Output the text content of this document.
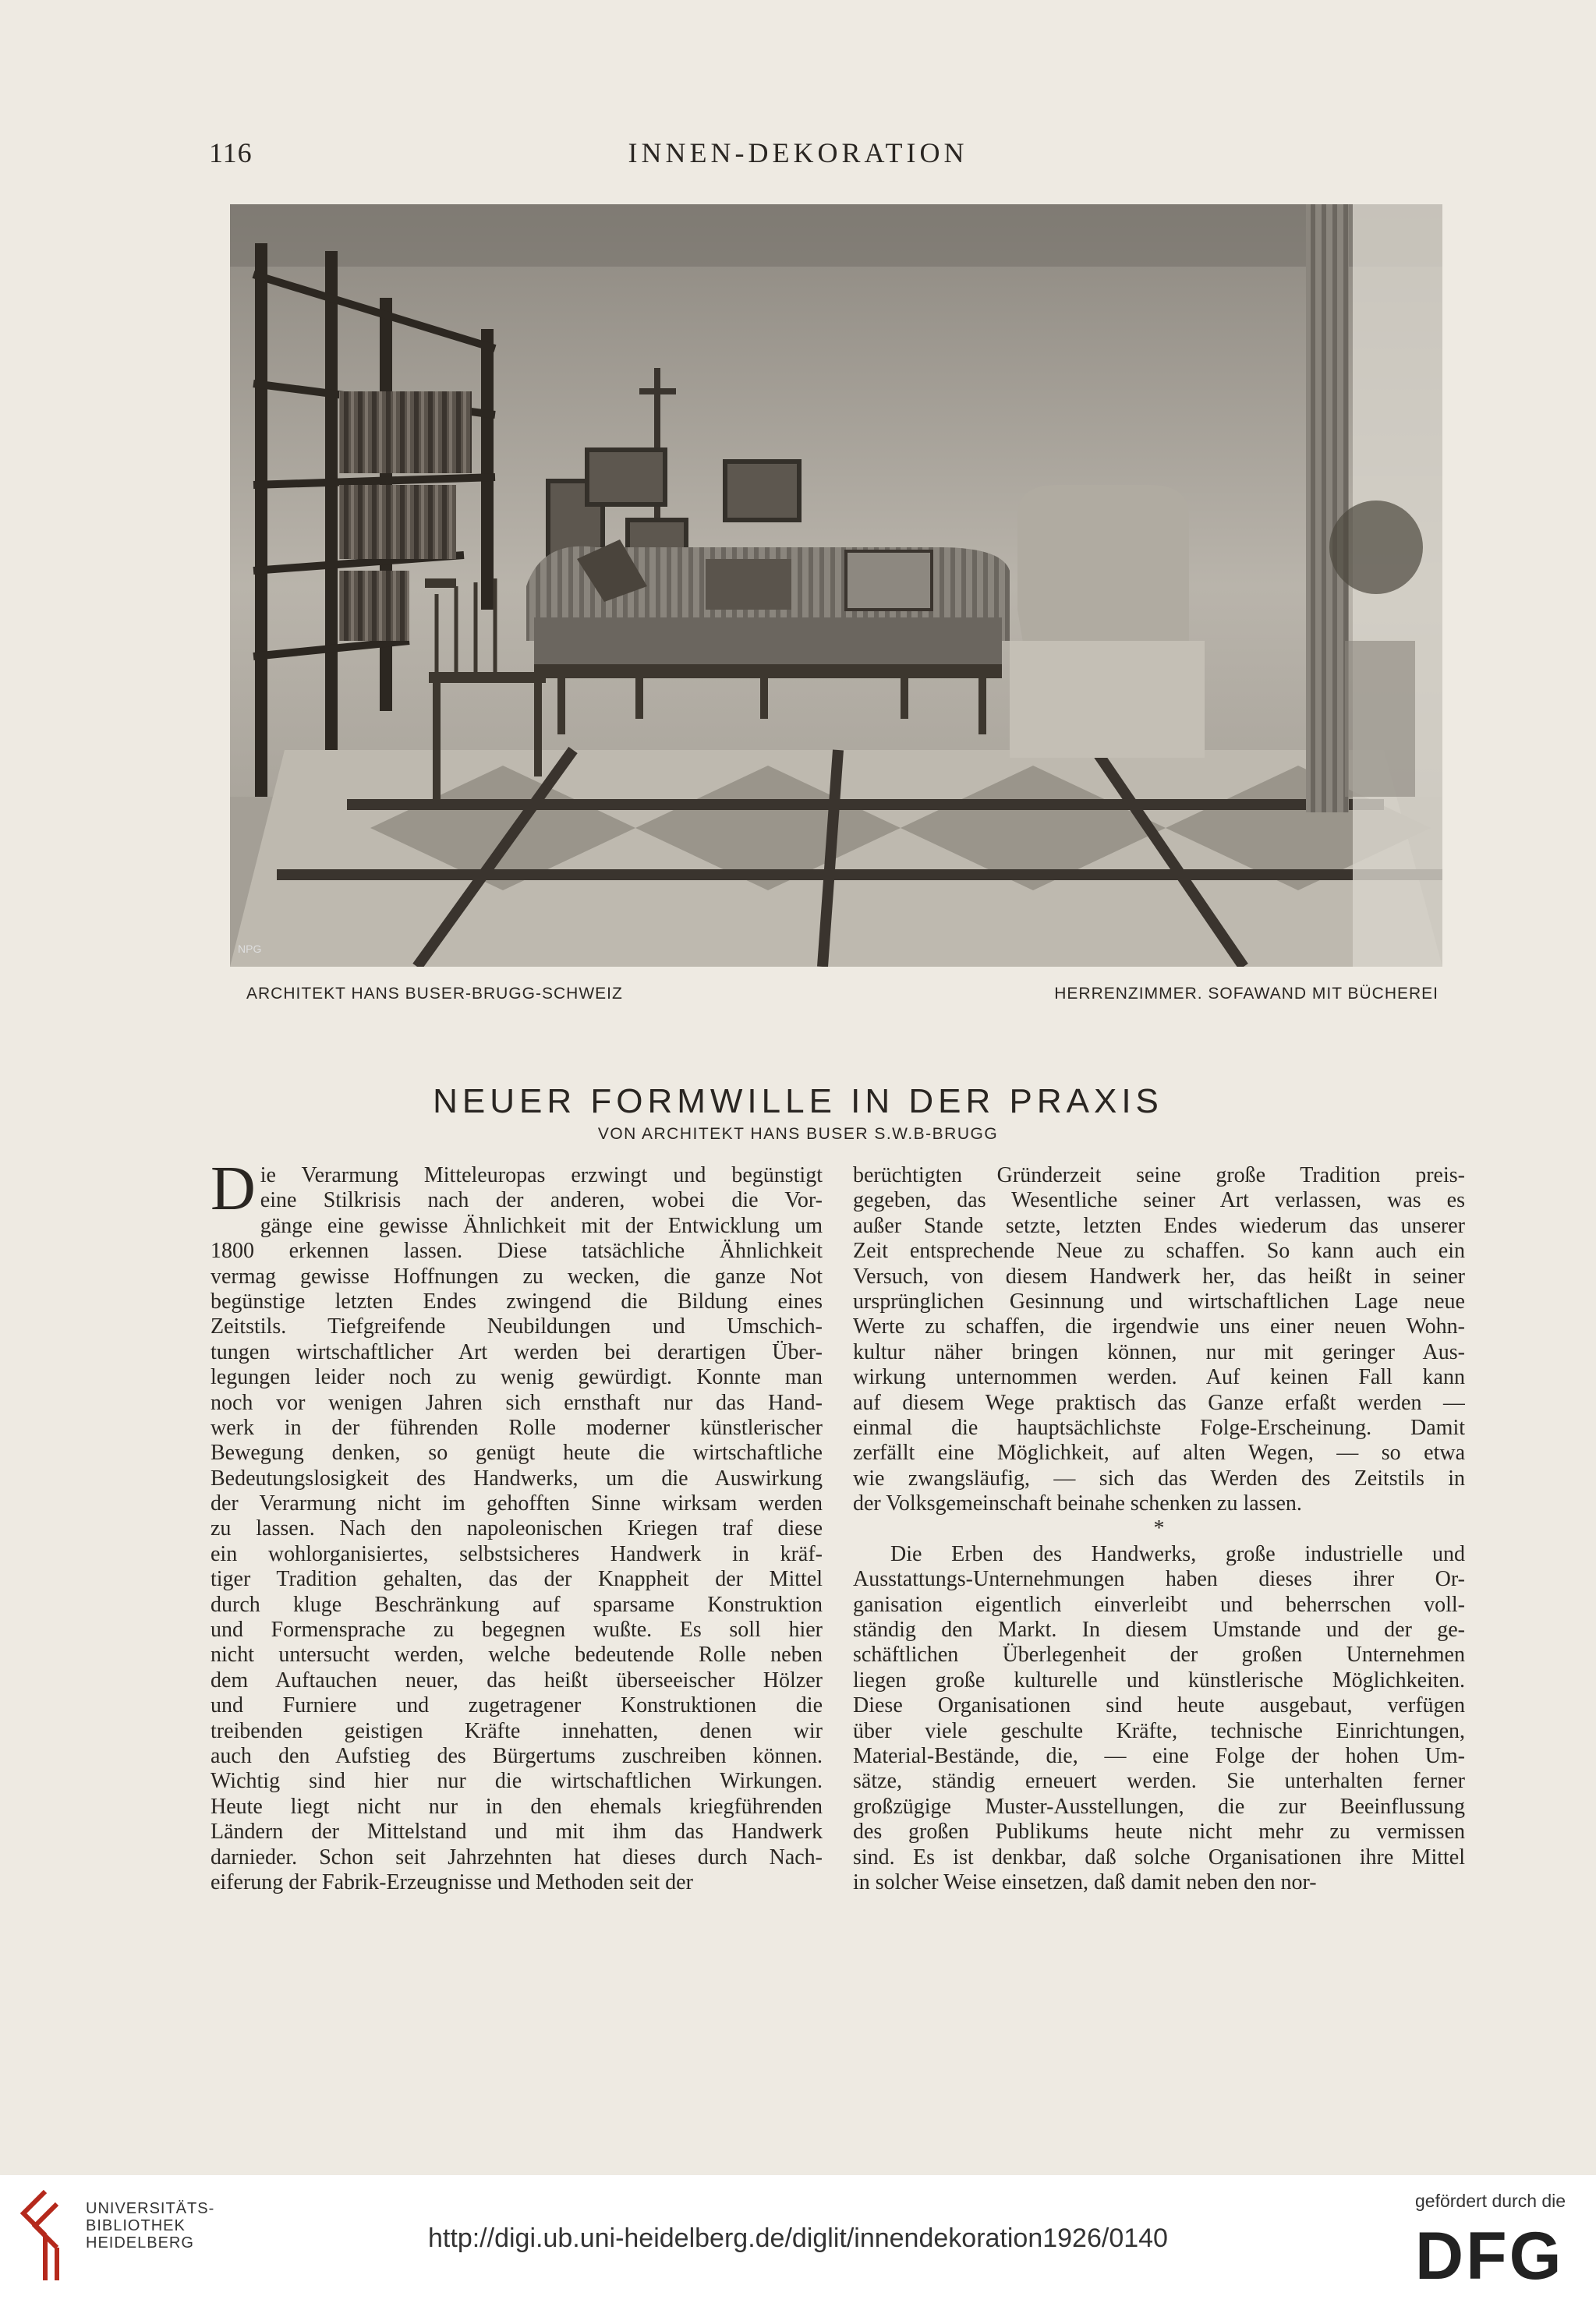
116	INNEN-DEKORATION
NPG
ARCHITEKT HANS BUSER-BRUGG-SCHWEIZ	HERRENZIMMER. SOFAWAND MIT BÜCHEREI
NEUER FORMWILLE IN DER PRAXIS
VON ARCHITEKT HANS BUSER S.W.B-BRUGG
D ie Verarmung Mitteleuropas erzwingt und begünstigt
eine Stilkrisis nach der anderen, wobei die Vor-
gänge eine gewisse Ähnlichkeit mit der Entwicklung um
1800 erkennen lassen. Diese tatsächliche Ähnlichkeit
vermag gewisse Hoffnungen zu wecken, die ganze Not
begünstige letzten Endes zwingend die Bildung eines
Zeitstils. Tiefgreifende Neubildungen und Umschich-
tungen wirtschaftlicher Art werden bei derartigen Über-
legungen leider noch zu wenig gewürdigt. Konnte man
noch vor wenigen Jahren sich ernsthaft nur das Hand-
werk in der führenden Rolle moderner künstlerischer
Bewegung denken, so genügt heute die wirtschaftliche
Bedeutungslosigkeit des Handwerks, um die Auswirkung
der Verarmung nicht im gehofften Sinne wirksam werden
zu lassen. Nach den napoleonischen Kriegen traf diese
ein wohlorganisiertes, selbstsicheres Handwerk in kräf-
tiger Tradition gehalten, das der Knappheit der Mittel
durch kluge Beschränkung auf sparsame Konstruktion
und Formensprache zu begegnen wußte. Es soll hier
nicht untersucht werden, welche bedeutende Rolle neben
dem Auftauchen neuer, das heißt überseeischer Hölzer
und Furniere und zugetragener Konstruktionen die
treibenden geistigen Kräfte innehatten, denen wir
auch den Aufstieg des Bürgertums zuschreiben können.
Wichtig sind hier nur die wirtschaftlichen Wirkungen.
Heute liegt nicht nur in den ehemals kriegführenden
Ländern der Mittelstand und mit ihm das Handwerk
darnieder. Schon seit Jahrzehnten hat dieses durch Nach-
eiferung der Fabrik-Erzeugnisse und Methoden seit der
berüchtigten Gründerzeit seine große Tradition preis-
gegeben, das Wesentliche seiner Art verlassen, was es
außer Stande setzte, letzten Endes wiederum das unserer
Zeit entsprechende Neue zu schaffen. So kann auch ein
Versuch, von diesem Handwerk her, das heißt in seiner
ursprünglichen Gesinnung und wirtschaftlichen Lage neue
Werte zu schaffen, die irgendwie uns einer neuen Wohn-
kultur näher bringen können, nur mit geringer Aus-
wirkung unternommen werden. Auf keinen Fall kann
auf diesem Wege praktisch das Ganze erfaßt werden —
einmal die hauptsächlichste Folge-Erscheinung. Damit
zerfällt eine Möglichkeit, auf alten Wegen, — so etwa
wie zwangsläufig, — sich das Werden des Zeitstils in
der Volksgemeinschaft beinahe schenken zu lassen.
*
Die Erben des Handwerks, große industrielle und
Ausstattungs-Unternehmungen haben dieses ihrer Or-
ganisation eigentlich einverleibt und beherrschen voll-
ständig den Markt. In diesem Umstande und der ge-
schäftlichen Überlegenheit der großen Unternehmen
liegen große kulturelle und künstlerische Möglichkeiten.
Diese Organisationen sind heute ausgebaut, verfügen
über viele geschulte Kräfte, technische Einrichtungen,
Material-Bestände, die, — eine Folge der hohen Um-
sätze, ständig erneuert werden. Sie unterhalten ferner
großzügige Muster-Ausstellungen, die zur Beeinflussung
des großen Publikums heute nicht mehr zu vermissen
sind. Es ist denkbar, daß solche Organisationen ihre Mittel
in solcher Weise einsetzen, daß damit neben den nor-
UNIVERSITÄTS-
BIBLIOTHEK
HEIDELBERG	http://digi.ub.uni-heidelberg.de/diglit/innendekoration1926/0140
gefördert durch die
DFG
